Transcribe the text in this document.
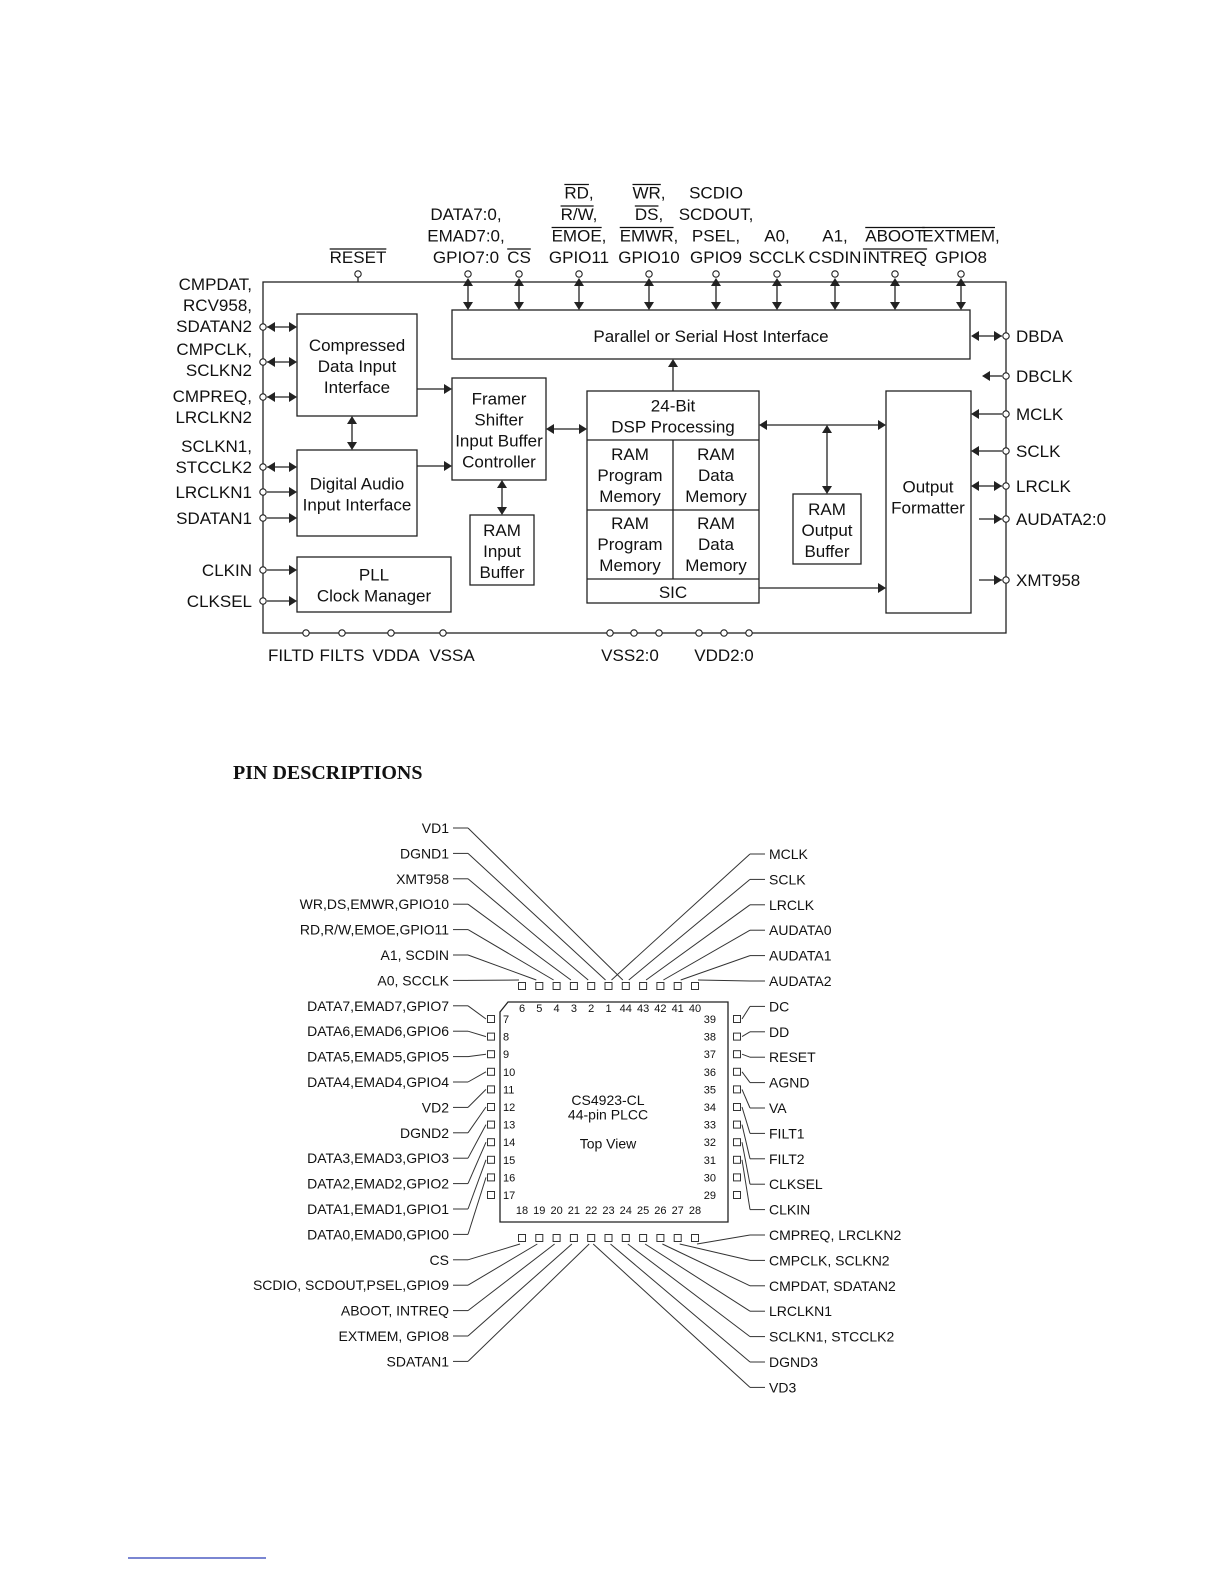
Parallel or Serial Host Interface
Compressed
Data Input
Interface
Digital Audio
Input Interface
PLL
Clock Manager
Framer
Shifter
Input Buffer
Controller
RAM
Input
Buffer
24-Bit
DSP Processing
RAM
Program
Memory
RAM
Data
Memory
RAM
Program
Memory
RAM
Data
Memory
SIC
RAM
Output
Buffer
Output
Formatter
RESET
DATA7:0,
EMAD7:0,
GPIO7:0 CS
RD,
R/W,
EMOE,
GPIO11
WR,
DS,
EMWR,
GPIO10
SCDIO
SCDOUT,
PSEL,
GPIO9
A0,
SCCLK
A1,
CSDIN
ABOOT
INTREQ
EXTMEM,
GPIO8
CMPDAT,
RCV958,
SDATAN2
CMPCLK,
SCLKN2
CMPREQ,
LRCLKN2
SCLKN1,
STCCLK2
LRCLKN1
SDATAN1
CLKIN
CLKSEL
DBDA
DBCLK
MCLK
SCLK
LRCLK
AUDATA2:0
XMT958
FILTD FILTS VDDA VSSA	VSS2:0 VDD2:0
PIN DESCRIPTIONS
CS4923-CL
44-pin PLCC
Top View
6 5 4 3 2 1 44 43 42 41 40
18 19 20 21 22 23 24 25 26 27 28
7
8
9
10
11
12
13
14
15
16
17
39
38
37
36
35
34
33
32
31
30
29
VD1
DGND1
XMT958
WR,DS,EMWR,GPIO10
RD,R/W,EMOE,GPIO11
A1, SCDIN
A0, SCCLK
DATA7,EMAD7,GPIO7
DATA6,EMAD6,GPIO6
DATA5,EMAD5,GPIO5
DATA4,EMAD4,GPIO4
VD2
DGND2
DATA3,EMAD3,GPIO3
DATA2,EMAD2,GPIO2
DATA1,EMAD1,GPIO1
DATA0,EMAD0,GPIO0
CS
SCDIO, SCDOUT,PSEL,GPIO9
ABOOT, INTREQ
EXTMEM, GPIO8
SDATAN1
MCLK
SCLK
LRCLK
AUDATA0
AUDATA1
AUDATA2
DC
DD
RESET
AGND
VA
FILT1
FILT2
CLKSEL
CLKIN
CMPREQ, LRCLKN2
CMPCLK, SCLKN2
CMPDAT, SDATAN2
LRCLKN1
SCLKN1, STCCLK2
DGND3
VD3
